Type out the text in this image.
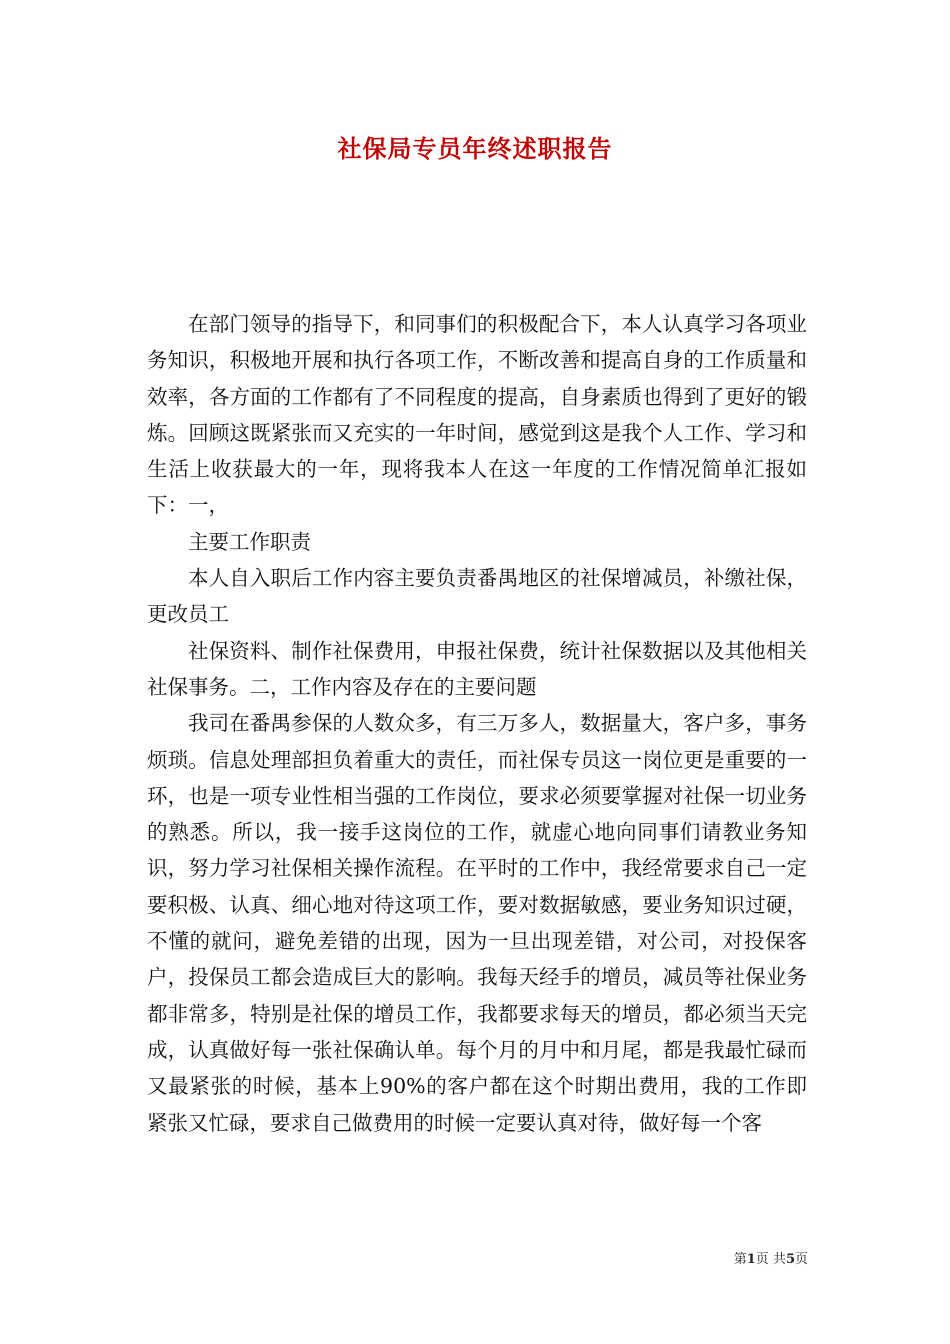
社保局专员年终述职报告

在部门领导的指导下，和同事们的积极配合下，本人认真学习各项业务知识，积极地开展和执行各项工作，不断改善和提高自身的工作质量和效率，各方面的工作都有了不同程度的提高，自身素质也得到了更好的锻炼。回顾这既紧张而又充实的一年时间，感觉到这是我个人工作、学习和生活上收获最大的一年，现将我本人在这一年度的工作情况简单汇报如下：一，

主要工作职责

本人自入职后工作内容主要负责番禺地区的社保增减员，补缴社保，更改员工

社保资料、制作社保费用，申报社保费，统计社保数据以及其他相关社保事务。二，工作内容及存在的主要问题

我司在番禺参保的人数众多，有三万多人，数据量大，客户多，事务烦琐。信息处理部担负着重大的责任，而社保专员这一岗位更是重要的一环，也是一项专业性相当强的工作岗位，要求必须要掌握对社保一切业务的熟悉。所以，我一接手这岗位的工作，就虚心地向同事们请教业务知识，努力学习社保相关操作流程。在平时的工作中，我经常要求自己一定要积极、认真、细心地对待这项工作，要对数据敏感，要业务知识过硬，不懂的就问，避免差错的出现，因为一旦出现差错，对公司，对投保客户，投保员工都会造成巨大的影响。我每天经手的增员，减员等社保业务都非常多，特别是社保的增员工作，我都要求每天的增员，都必须当天完成，认真做好每一张社保确认单。每个月的月中和月尾，都是我最忙碌而又最紧张的时候，基本上90%的客户都在这个时期出费用，我的工作即紧张又忙碌，要求自己做费用的时候一定要认真对待，做好每一个客

第1页 共5页
